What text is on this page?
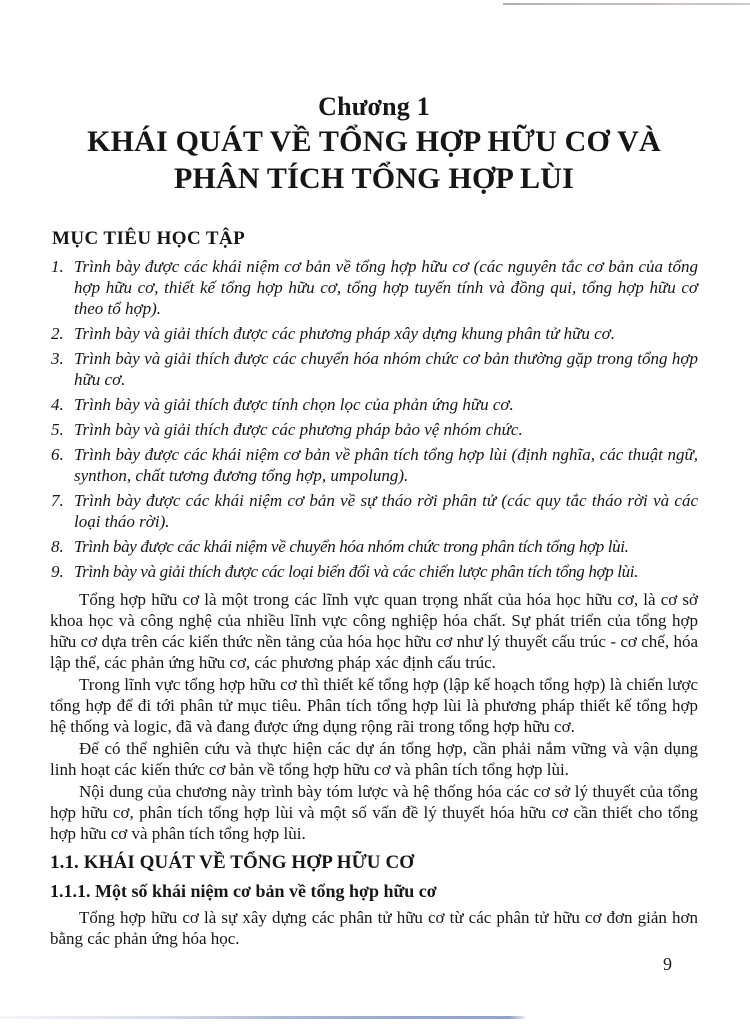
Chương 1
KHÁI QUÁT VỀ TỔNG HỢP HỮU CƠ VÀ
PHÂN TÍCH TỔNG HỢP LÙI
MỤC TIÊU HỌC TẬP
1. Trình bày được các khái niệm cơ bản về tổng hợp hữu cơ (các nguyên tắc cơ bản của tổng hợp hữu cơ, thiết kế tổng hợp hữu cơ, tổng hợp tuyến tính và đồng qui, tổng hợp hữu cơ theo tổ hợp).
2. Trình bày và giải thích được các phương pháp xây dựng khung phân tử hữu cơ.
3. Trình bày và giải thích được các chuyển hóa nhóm chức cơ bản thường gặp trong tổng hợp hữu cơ.
4. Trình bày và giải thích được tính chọn lọc của phản ứng hữu cơ.
5. Trình bày và giải thích được các phương pháp bảo vệ nhóm chức.
6. Trình bày được các khái niệm cơ bản về phân tích tổng hợp lùi (định nghĩa, các thuật ngữ, synthon, chất tương đương tổng hợp, umpolung).
7. Trình bày được các khái niệm cơ bản về sự tháo rời phân tử (các quy tắc tháo rời và các loại tháo rời).
8. Trình bày được các khái niệm về chuyển hóa nhóm chức trong phân tích tổng hợp lùi.
9. Trình bày và giải thích được các loại biến đổi và các chiến lược phân tích tổng hợp lùi.

Tổng hợp hữu cơ là một trong các lĩnh vực quan trọng nhất của hóa học hữu cơ, là cơ sở khoa học và công nghệ của nhiều lĩnh vực công nghiệp hóa chất. Sự phát triển của tổng hợp hữu cơ dựa trên các kiến thức nền tảng của hóa học hữu cơ như lý thuyết cấu trúc - cơ chế, hóa lập thể, các phản ứng hữu cơ, các phương pháp xác định cấu trúc.

Trong lĩnh vực tổng hợp hữu cơ thì thiết kế tổng hợp (lập kế hoạch tổng hợp) là chiến lược tổng hợp để đi tới phân tử mục tiêu. Phân tích tổng hợp lùi là phương pháp thiết kế tổng hợp hệ thống và logic, đã và đang được ứng dụng rộng rãi trong tổng hợp hữu cơ.

Để có thể nghiên cứu và thực hiện các dự án tổng hợp, cần phải nắm vững và vận dụng linh hoạt các kiến thức cơ bản về tổng hợp hữu cơ và phân tích tổng hợp lùi.

Nội dung của chương này trình bày tóm lược và hệ thống hóa các cơ sở lý thuyết của tổng hợp hữu cơ, phân tích tổng hợp lùi và một số vấn đề lý thuyết hóa hữu cơ cần thiết cho tổng hợp hữu cơ và phân tích tổng hợp lùi.

1.1. KHÁI QUÁT VỀ TỔNG HỢP HỮU CƠ
1.1.1. Một số khái niệm cơ bản về tổng hợp hữu cơ

Tổng hợp hữu cơ là sự xây dựng các phân tử hữu cơ từ các phân tử hữu cơ đơn giản hơn bằng các phản ứng hóa học.

9
